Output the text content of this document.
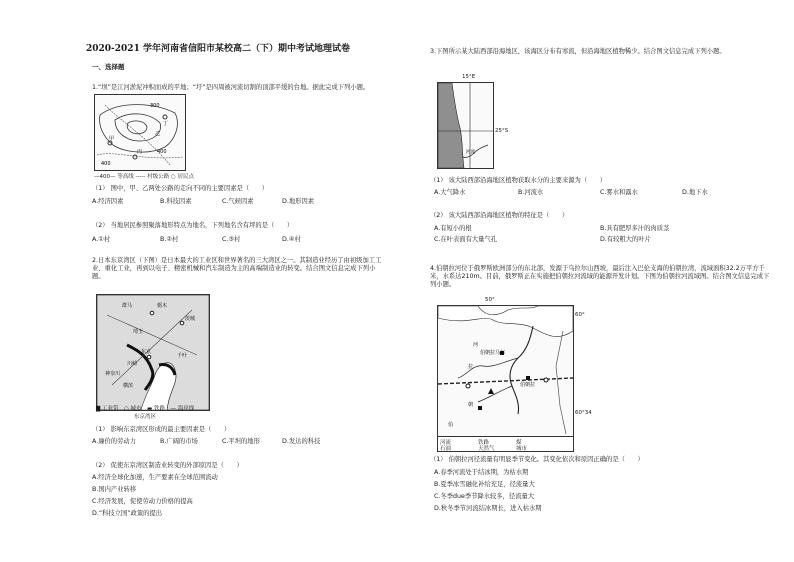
2020-2021 学年河南省信阳市某校高二（下）期中考试地理试卷
一、选择题
1.“坝”是江河淤泥冲积而成的平地；“圩”是四周被河流切割的顶部平缓的台地。据此完成下列小题。
400
300
甲
乙
丙
丁
400
—400— 等高线 ----- 村级公路 ○ 居民点
（1） 图中，甲、乙两处公路的走向不同的主要因素是（　　）
A.经济因素	B.科技因素	C.气候因素	D.地形因素
（2） 当地居民参照聚落地形特点为地名，下列地名含有坪的是（　　）
A.①村	B.②村	C.③村	D.④村
2.日本东京湾区（下图）是日本最大的工业区和世界著名的三大湾区之一。其制造业经历了由初级加工工业、重化工业，再到以电子、精密机械和汽车制造为主的高端制造业的转变。结合图文信息完成下列小题。
群马	栃木
茨城
埼玉
东京
千叶
神奈川
川崎
横滨
▇ 工业带　○ 城市　▬ 铁路　— 海岸线
东京湾区
（1） 影响东京湾区形成的最主要因素是（　　）
A.廉价的劳动力	B.广阔的市场	C.平坦的地形	D.发达的科技
（2） 促使东京湾区制造业转变的外部原因是（　　）
A.经济全球化加速，生产要素在全球范围流动
B.国内产业转移
C.经济发展，促使劳动力价格的提高
D.“科技立国”政策的提出
3.下图所示某大陆西部沿海地区，该海区分布有寒流，但沿海地区植物稀少。结合图文信息完成下列小题。
河流
15°E
25°S
（1） 该大陆西部沿海地区植物获取水分的主要来源为（　　）
A.大气降水	B.河流水	C.雾水和露水	D.地下水
（2） 该大陆西部沿海地区植物的特征是（　　）
A.有短小的根	B.具有肥厚多汁的肉质茎
C.在叶表面有大量气孔	D.有较粗大的叶片
4.伯朝拉河位于俄罗斯欧洲部分的东北部，发源于乌拉尔山西坡，最后注入巴伦支海的伯朝拉湾，流域面积32.2万平方千米，水系达210m。目前，俄罗斯正在实施把伯朝拉河流域的能源开发计划。下图为伯朝拉河流域图。结合图文信息完成下列小题。
河
伯朝拉马尔
拉
朝
伯朝拉
伯
50°
60°
60°34
河流	铁路	煤
石油	天然气	城市
（1） 伯朝拉河径流量有明显季节变化。其变化依次和原因正确的是（　　）
A.春季河流处于结冰期，为枯水期
B.夏季冰雪融化补给充足，径流量大
C.冬季due季节降水较多，径流量大
D.秋冬季节河流结冰期长，进入枯水期
